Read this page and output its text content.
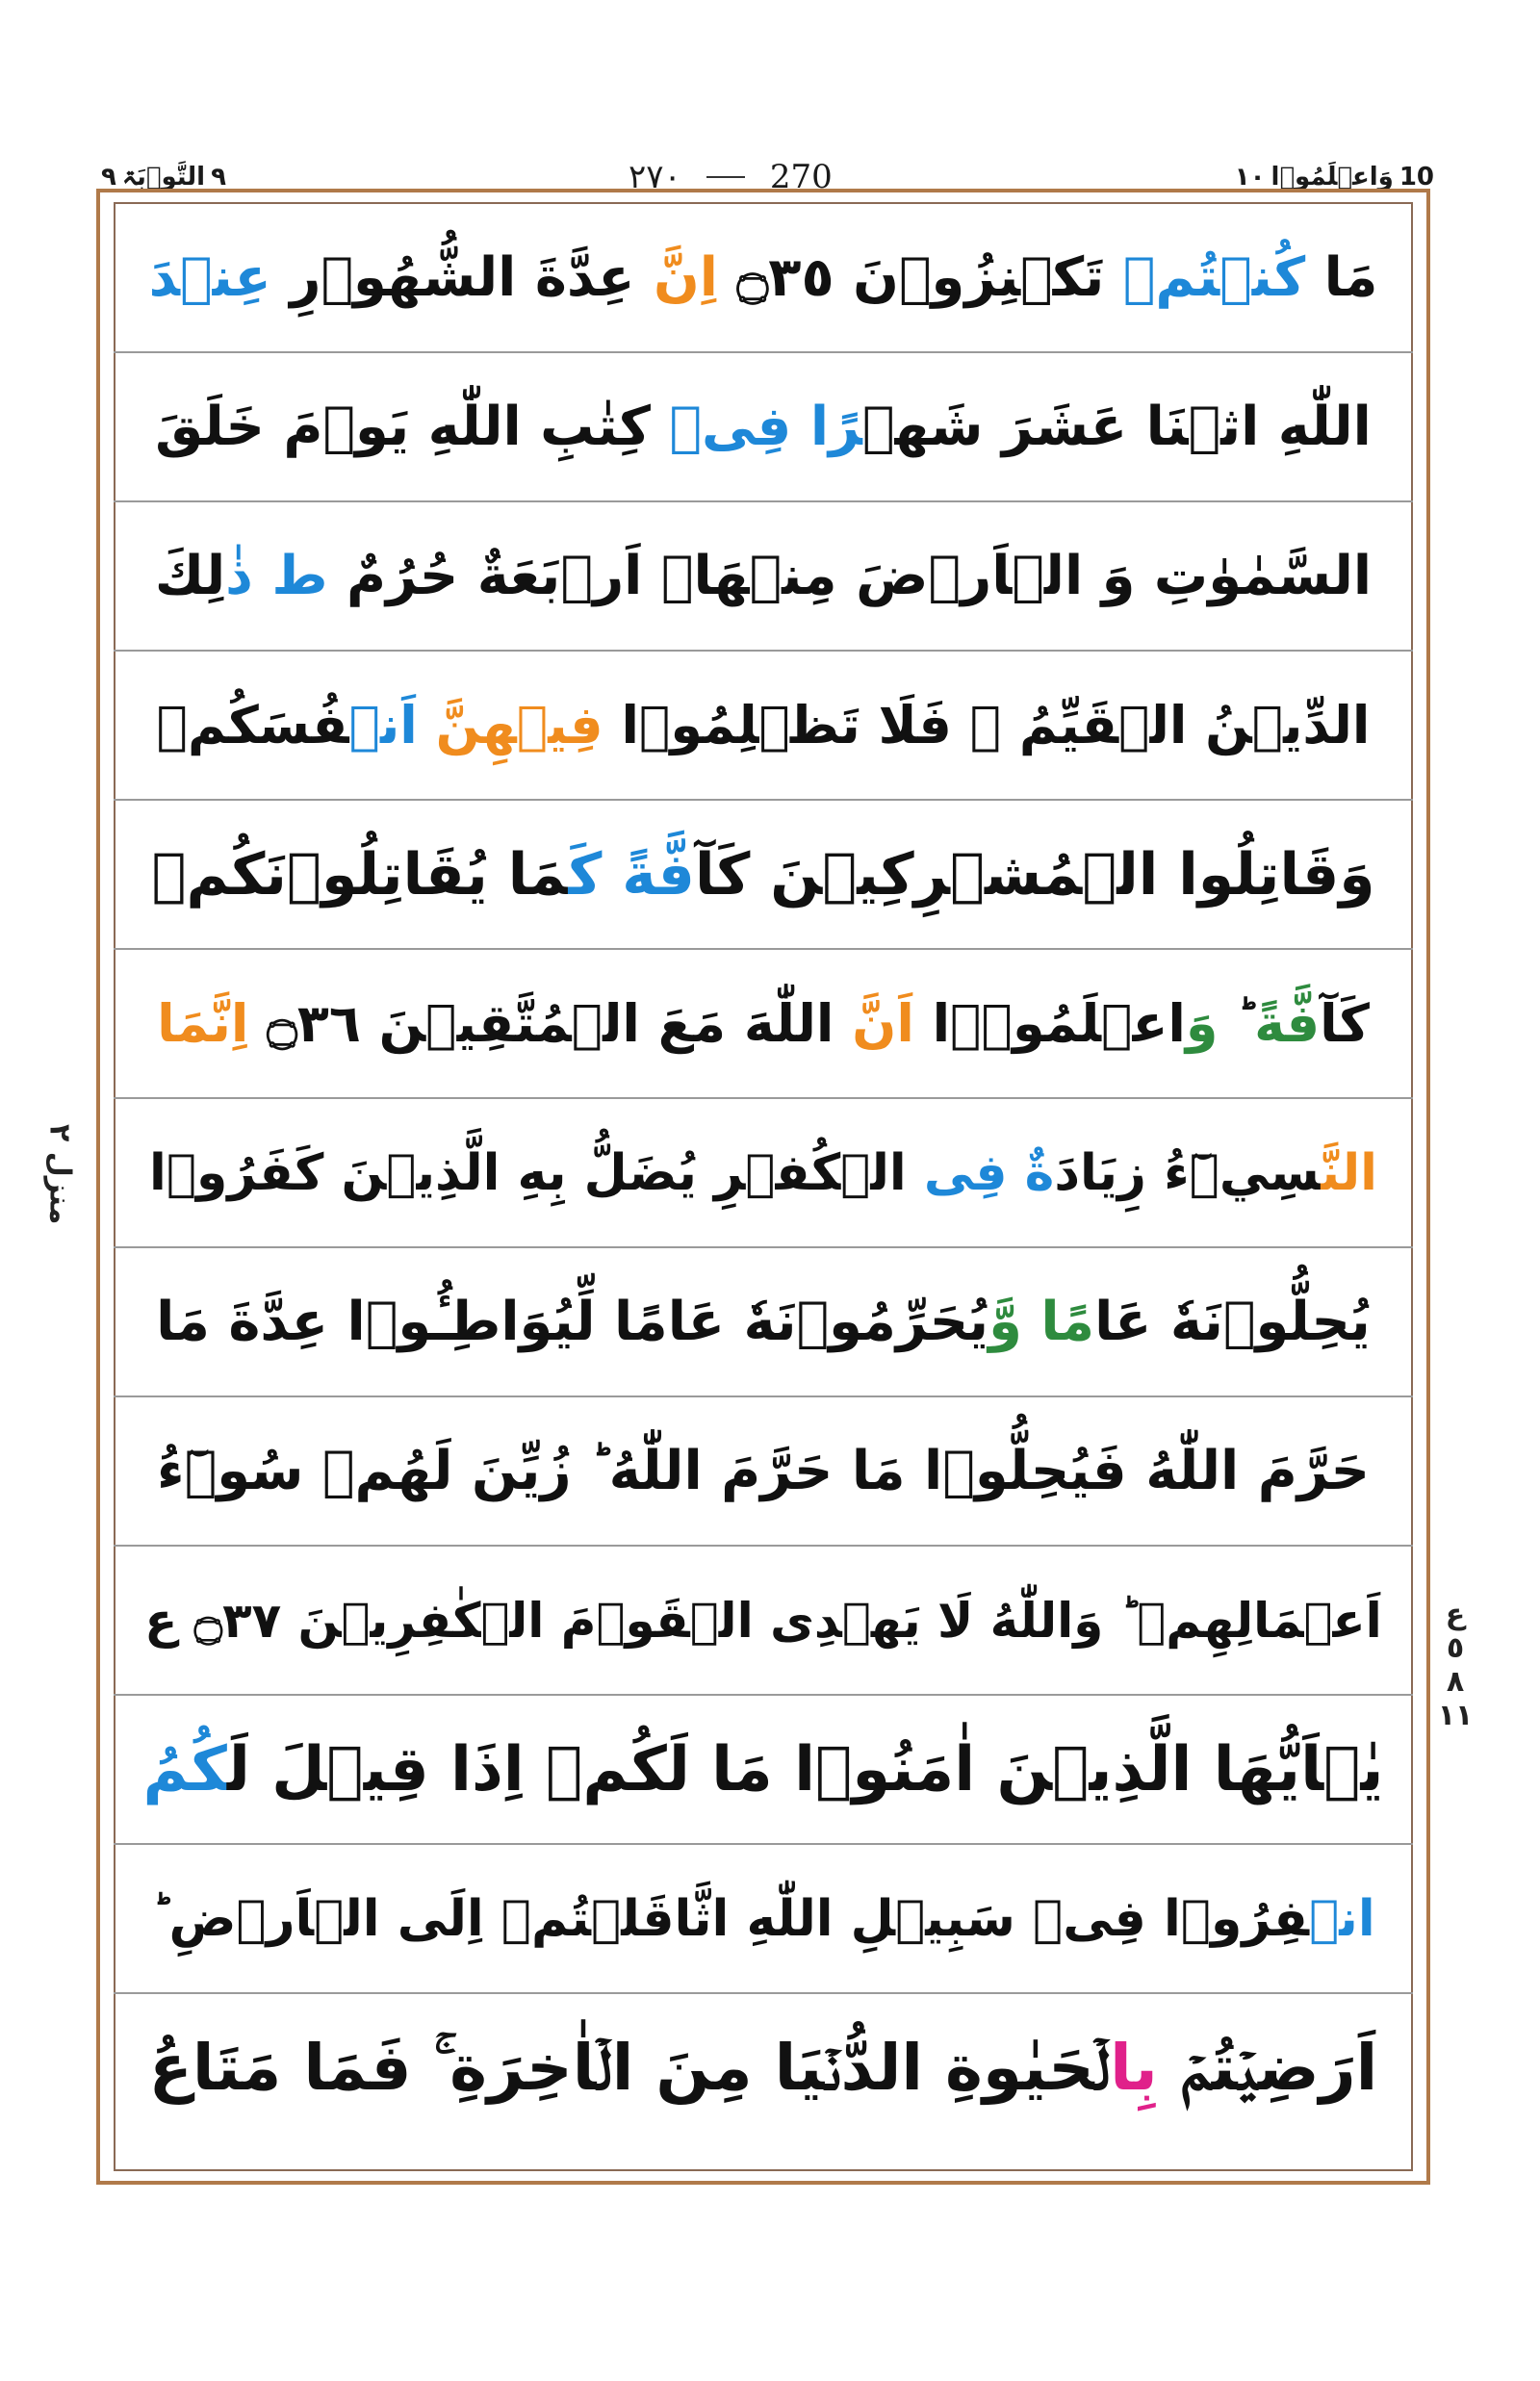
٩ التَّوۡبَۃ ٩	٢٧٠	270	١٠ وَاعۡلَمُوۡا 10
منزل ٢
ع ٥ ٨ ١١
مَا كُنۡتُمۡ تَكۡنِزُوۡنَ ۝٣٥ اِنَّ عِدَّةَ الشُّهُوۡرِ عِنۡدَ
اللّٰهِ اثۡنَا عَشَرَ شَهۡرًا فِىۡ كِتٰبِ اللّٰهِ يَوۡمَ خَلَقَ
السَّمٰوٰتِ وَ الۡاَرۡضَ مِنۡهَاۤ اَرۡبَعَةٌ حُرُمٌ ط ذٰلِكَ
الدِّيۡنُ الۡقَيِّمُ ۙ فَلَا تَظۡلِمُوۡا فِيۡهِنَّ اَنۡفُسَكُمۡ
وَقَاتِلُوا الۡمُشۡرِكِيۡنَ كَآفَّةً كَمَا يُقَاتِلُوۡنَكُمۡ
كَآفَّةً ؕ وَاعۡلَمُوۡۤا اَنَّ اللّٰهَ مَعَ الۡمُتَّقِيۡنَ ۝٣٦ اِنَّمَا
النَّسِيۡٓءُ زِيَادَةٌ فِى الۡكُفۡرِ يُضَلُّ بِهِ الَّذِيۡنَ كَفَرُوۡا
يُحِلُّوۡنَهٗ عَامًا وَّيُحَرِّمُوۡنَهٗ عَامًا لِّيُوَاطِـُٔوۡا عِدَّةَ مَا
حَرَّمَ اللّٰهُ فَيُحِلُّوۡا مَا حَرَّمَ اللّٰهُ ؕ زُيِّنَ لَهُمۡ سُوۡٓءُ
اَعۡمَالِهِمۡ ؕ وَاللّٰهُ لَا يَهۡدِى الۡقَوۡمَ الۡكٰفِرِيۡنَ ۝٣٧ ع
يٰۤاَيُّهَا الَّذِيۡنَ اٰمَنُوۡا مَا لَكُمۡ اِذَا قِيۡلَ لَكُمُ
انۡفِرُوۡا فِىۡ سَبِيۡلِ اللّٰهِ اثَّاقَلۡتُمۡ اِلَى الۡاَرۡضِ ؕ
اَرَضِيۡتُمۡ بِالۡحَيٰوةِ الدُّنۡيَا مِنَ الۡاٰخِرَةِ ۚ فَمَا مَتَاعُ
